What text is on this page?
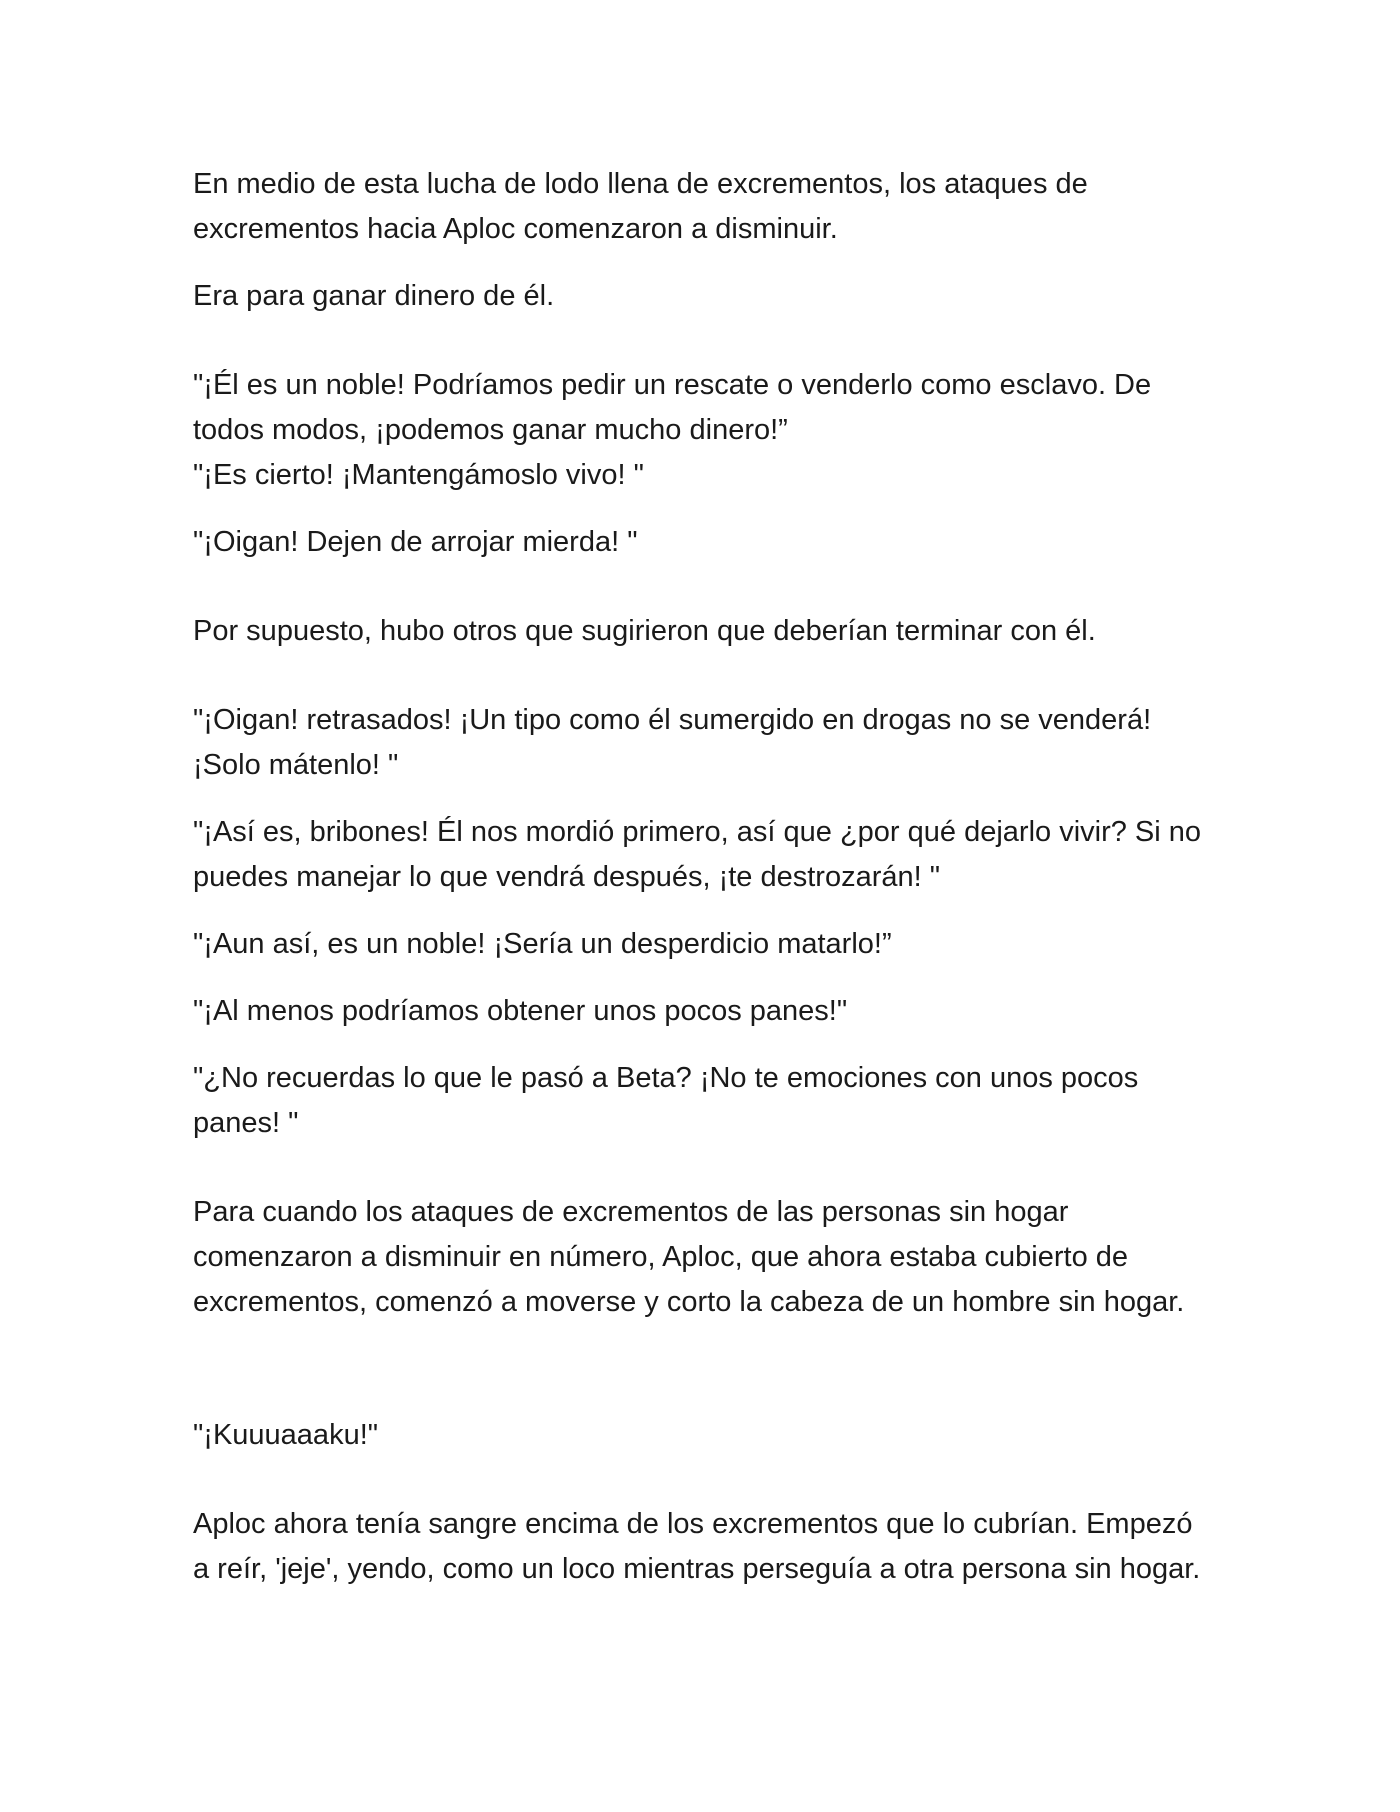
En medio de esta lucha de lodo llena de excrementos, los ataques de excrementos hacia Aploc comenzaron a disminuir.

Era para ganar dinero de él.

"¡Él es un noble! Podríamos pedir un rescate o venderlo como esclavo. De todos modos, ¡podemos ganar mucho dinero!”

"¡Es cierto! ¡Mantengámoslo vivo! "

"¡Oigan! Dejen de arrojar mierda! "

Por supuesto, hubo otros que sugirieron que deberían terminar con él.

"¡Oigan! retrasados! ¡Un tipo como él sumergido en drogas no se venderá! ¡Solo mátenlo! "

"¡Así es, bribones! Él nos mordió primero, así que ¿por qué dejarlo vivir? Si no puedes manejar lo que vendrá después, ¡te destrozarán! "

"¡Aun así, es un noble! ¡Sería un desperdicio matarlo!”

"¡Al menos podríamos obtener unos pocos panes!"

"¿No recuerdas lo que le pasó a Beta? ¡No te emociones con unos pocos panes! "

Para cuando los ataques de excrementos de las personas sin hogar comenzaron a disminuir en número, Aploc, que ahora estaba cubierto de excrementos, comenzó a moverse y corto la cabeza de un hombre sin hogar.

"¡Kuuuaaaku!"

Aploc ahora tenía sangre encima de los excrementos que lo cubrían. Empezó a reír, 'jeje', yendo, como un loco mientras perseguía a otra persona sin hogar.
